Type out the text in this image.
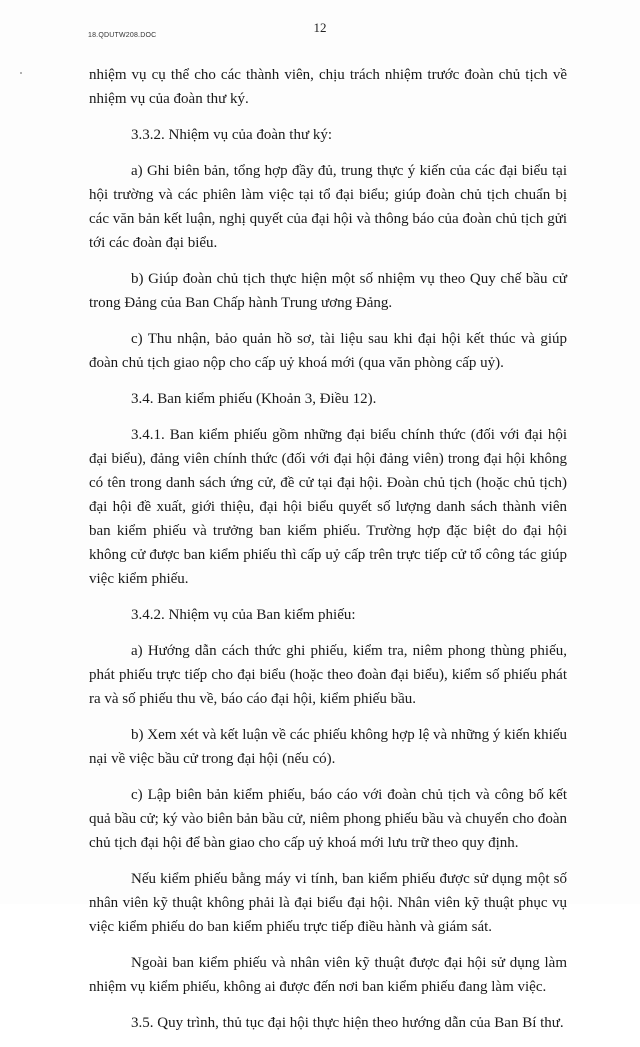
18.QDUTW208.DOC
12

nhiệm vụ cụ thể cho các thành viên, chịu trách nhiệm trước đoàn chủ tịch về nhiệm vụ của đoàn thư ký.

3.3.2. Nhiệm vụ của đoàn thư ký:

a) Ghi biên bản, tổng hợp đầy đủ, trung thực ý kiến của các đại biểu tại hội trường và các phiên làm việc tại tổ đại biểu; giúp đoàn chủ tịch chuẩn bị các văn bản kết luận, nghị quyết của đại hội và thông báo của đoàn chủ tịch gửi tới các đoàn đại biểu.

b) Giúp đoàn chủ tịch thực hiện một số nhiệm vụ theo Quy chế bầu cử trong Đảng của Ban Chấp hành Trung ương Đảng.

c) Thu nhận, bảo quản hồ sơ, tài liệu sau khi đại hội kết thúc và giúp đoàn chủ tịch giao nộp cho cấp uỷ khoá mới (qua văn phòng cấp uỷ).

3.4. Ban kiểm phiếu (Khoản 3, Điều 12).

3.4.1. Ban kiểm phiếu gồm những đại biểu chính thức (đối với đại hội đại biểu), đảng viên chính thức (đối với đại hội đảng viên) trong đại hội không có tên trong danh sách ứng cử, đề cử tại đại hội. Đoàn chủ tịch (hoặc chủ tịch) đại hội đề xuất, giới thiệu, đại hội biểu quyết số lượng danh sách thành viên ban kiểm phiếu và trưởng ban kiểm phiếu. Trường hợp đặc biệt do đại hội không cử được ban kiểm phiếu thì cấp uỷ cấp trên trực tiếp cử tổ công tác giúp việc kiểm phiếu.

3.4.2. Nhiệm vụ của Ban kiểm phiếu:

a) Hướng dẫn cách thức ghi phiếu, kiểm tra, niêm phong thùng phiếu, phát phiếu trực tiếp cho đại biểu (hoặc theo đoàn đại biểu), kiểm số phiếu phát ra và số phiếu thu về, báo cáo đại hội, kiểm phiếu bầu.

b) Xem xét và kết luận về các phiếu không hợp lệ và những ý kiến khiếu nại về việc bầu cử trong đại hội (nếu có).

c) Lập biên bản kiểm phiếu, báo cáo với đoàn chủ tịch và công bố kết quả bầu cử; ký vào biên bản bầu cử, niêm phong phiếu bầu và chuyển cho đoàn chủ tịch đại hội để bàn giao cho cấp uỷ khoá mới lưu trữ theo quy định.

Nếu kiểm phiếu bằng máy vi tính, ban kiểm phiếu được sử dụng một số nhân viên kỹ thuật không phải là đại biểu đại hội. Nhân viên kỹ thuật phục vụ việc kiểm phiếu do ban kiểm phiếu trực tiếp điều hành và giám sát.

Ngoài ban kiểm phiếu và nhân viên kỹ thuật được đại hội sử dụng làm nhiệm vụ kiểm phiếu, không ai được đến nơi ban kiểm phiếu đang làm việc.

3.5. Quy trình, thủ tục đại hội thực hiện theo hướng dẫn của Ban Bí thư.
